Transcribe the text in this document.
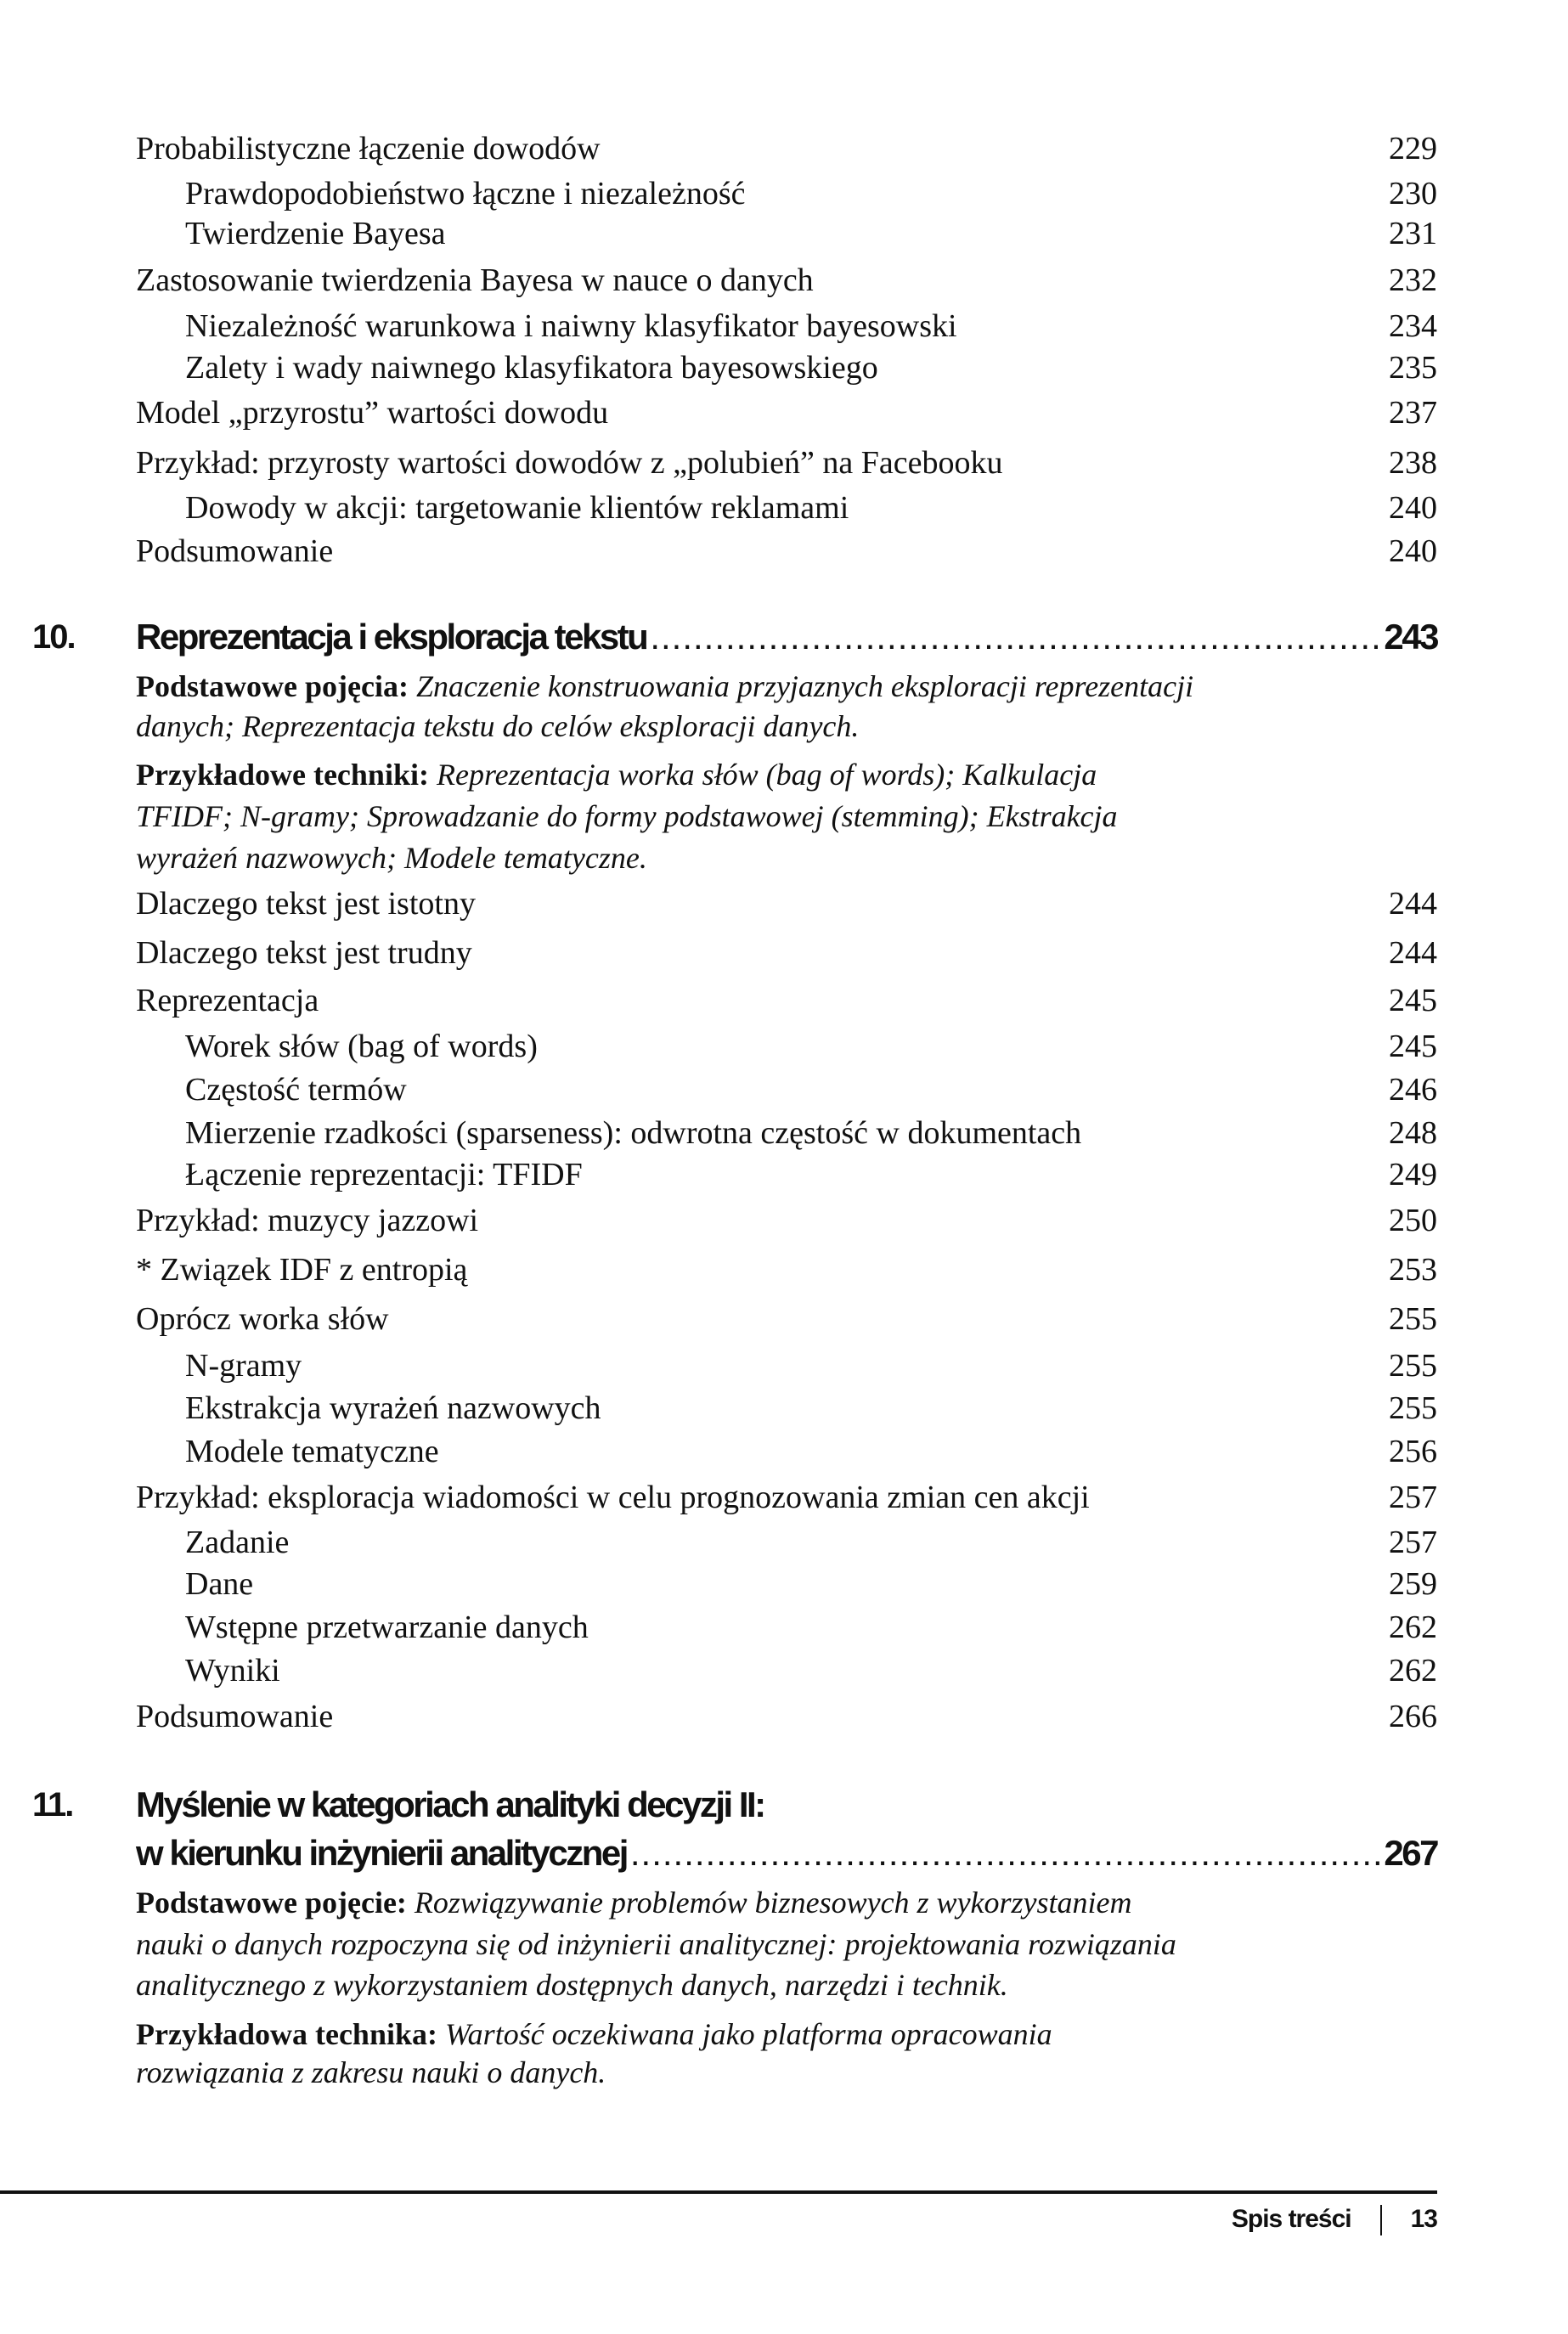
Probabilistyczne łączenie dowodów	229
Prawdopodobieństwo łączne i niezależność	230
Twierdzenie Bayesa	231
Zastosowanie twierdzenia Bayesa w nauce o danych	232
Niezależność warunkowa i naiwny klasyfikator bayesowski	234
Zalety i wady naiwnego klasyfikatora bayesowskiego	235
Model „przyrostu” wartości dowodu	237
Przykład: przyrosty wartości dowodów z „polubień” na Facebooku	238
Dowody w akcji: targetowanie klientów reklamami	240
Podsumowanie	240
10. Reprezentacja i eksploracja tekstu .....	243
Podstawowe pojęcia: Znaczenie konstruowania przyjaznych eksploracji reprezentacji
danych; Reprezentacja tekstu do celów eksploracji danych.
Przykładowe techniki: Reprezentacja worka słów (bag of words); Kalkulacja
TFIDF; N-gramy; Sprowadzanie do formy podstawowej (stemming); Ekstrakcja
wyrażeń nazwowych; Modele tematyczne.
Dlaczego tekst jest istotny	244
Dlaczego tekst jest trudny	244
Reprezentacja	245
Worek słów (bag of words)	245
Częstość termów	246
Mierzenie rzadkości (sparseness): odwrotna częstość w dokumentach	248
Łączenie reprezentacji: TFIDF	249
Przykład: muzycy jazzowi	250
* Związek IDF z entropią	253
Oprócz worka słów	255
N-gramy	255
Ekstrakcja wyrażeń nazwowych	255
Modele tematyczne	256
Przykład: eksploracja wiadomości w celu prognozowania zmian cen akcji	257
Zadanie	257
Dane	259
Wstępne przetwarzanie danych	262
Wyniki	262
Podsumowanie	266
11. Myślenie w kategoriach analityki decyzji II:
w kierunku inżynierii analitycznej .....	267
Podstawowe pojęcie: Rozwiązywanie problemów biznesowych z wykorzystaniem
nauki o danych rozpoczyna się od inżynierii analitycznej: projektowania rozwiązania
analitycznego z wykorzystaniem dostępnych danych, narzędzi i technik.
Przykładowa technika: Wartość oczekiwana jako platforma opracowania
rozwiązania z zakresu nauki o danych.
Spis treści 13
